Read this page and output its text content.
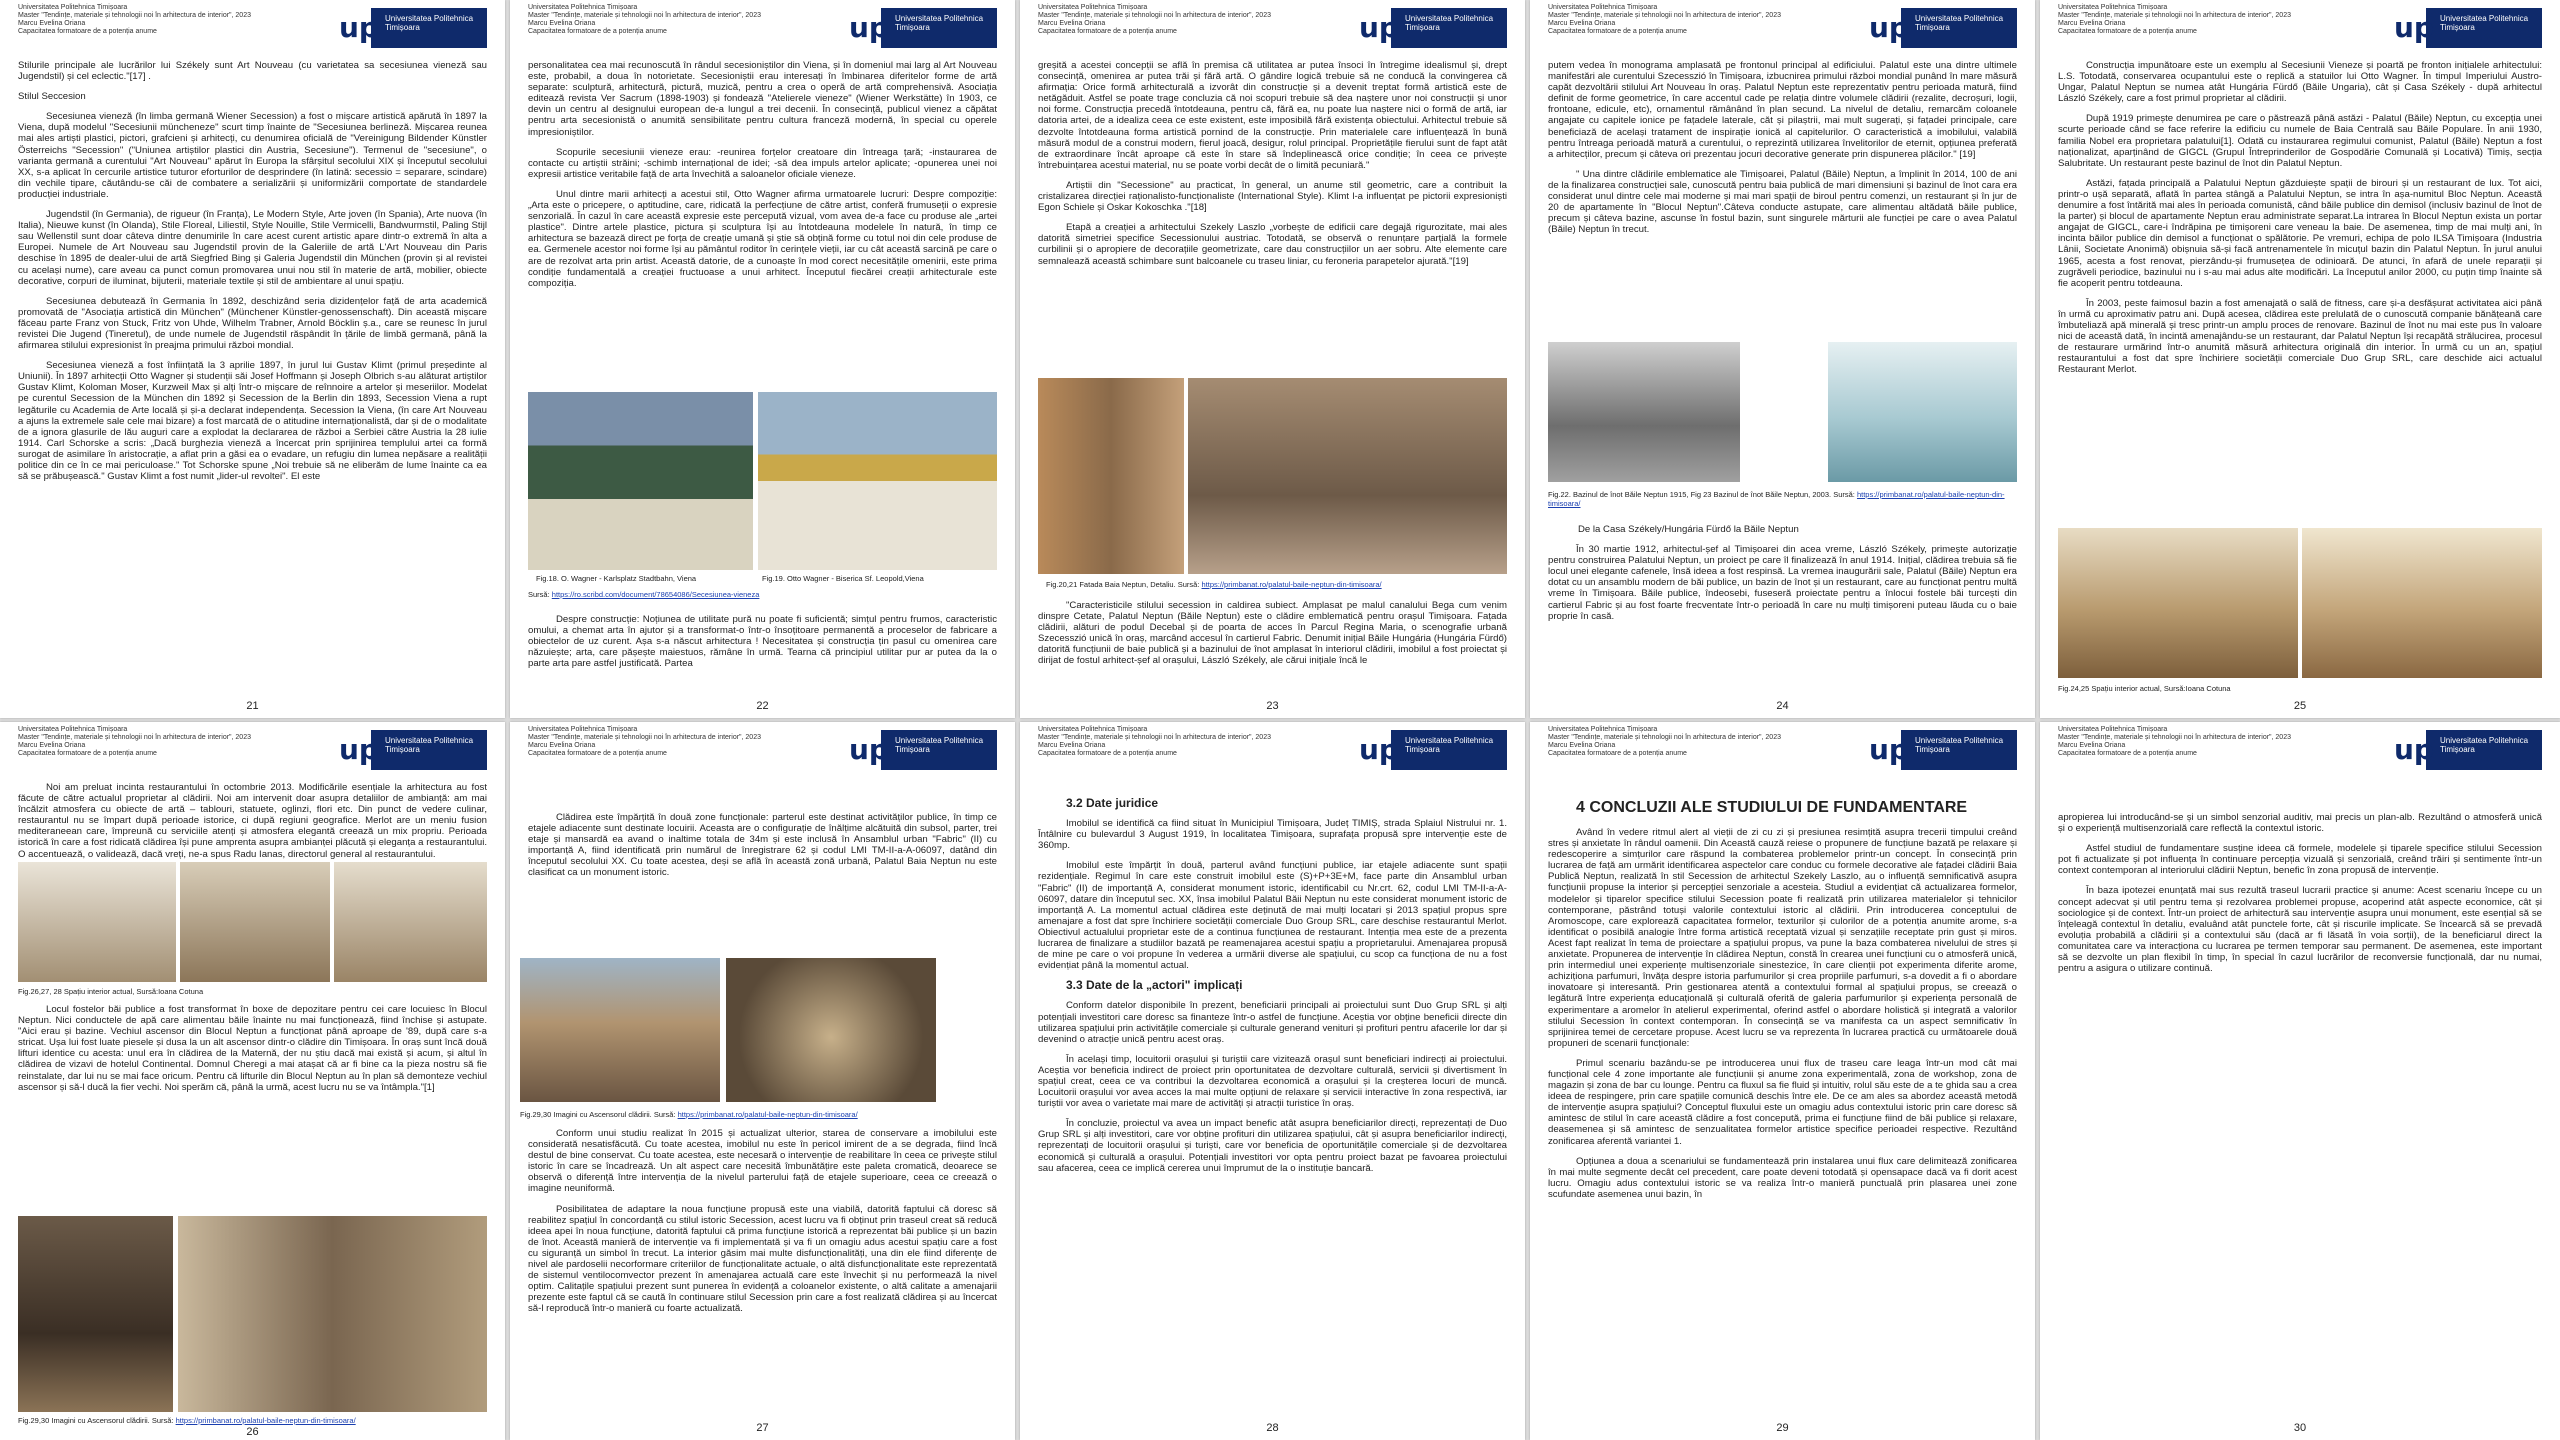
Universitatea Politehnica Timișoara
Master "Tendințe, materiale și tehnologii noi în arhitectura de interior", 2023
Marcu Evelina Oriana
Capacitatea formatoare de a potenția anume	up Universitatea Politehnica Timișoara

Stilurile principale ale lucrărilor lui Székely sunt Art Nouveau (cu varietatea sa secesiunea vieneză sau Jugendstil) și cel eclectic."[17] .

Stilul Seccesion

Secesiunea vieneză (în limba germană Wiener Secession) a fost o mișcare artistică apărută în 1897 la Viena, după modelul "Secesiunii müncheneze" scurt timp înainte de "Secesiunea berlineză. Mișcarea reunea mai ales artiști plastici, pictori, grafcieni și arhitecți, cu denumirea oficială de "Vereinigung Bildender Künstler Österreichs "Secession" ("Uniunea artiștilor plastici din Austria, Secesiune"). Termenul de "secesiune", o varianta germană a curentului "Art Nouveau" apărut în Europa la sfârșitul secolului XIX și începutul secolului XX, s-a aplicat în cercurile artistice tuturor eforturilor de desprindere (în latină: secessio = separare, scindare) din vechile tipare, căutându-se căi de combatere a serializării și uniformizării comportate de standardele producției industriale.

Jugendstil (în Germania), de rigueur (în Franța), Le Modern Style, Arte joven (în Spania), Arte nuova (în Italia), Nieuwe kunst (în Olanda), Stile Floreal, Liliestil, Style Nouille, Stile Vermicelli, Bandwurmstil, Paling Stijl sau Wellenstil sunt doar câteva dintre denumirile în care acest curent artistic apare dintr-o extremă în alta a Europei. Numele de Art Nouveau sau Jugendstil provin de la Galeriile de artă L'Art Nouveau din Paris deschise în 1895 de dealer-ului de artă Siegfried Bing și Galeria Jugendstil din München (provin și al revistei cu același nume), care aveau ca punct comun promovarea unui nou stil în materie de artă, mobilier, obiecte decorative, corpuri de iluminat, bijuterii, materiale textile și stil de ambientare al unui spațiu.

Secesiunea debutează în Germania în 1892, deschizând seria dizidențelor față de arta academică promovată de "Asociația artistică din München" (Münchener Künstler-genossenschaft). Din această mișcare făceau parte Franz von Stuck, Fritz von Uhde, Wilhelm Trabner, Arnold Böcklin ș.a., care se reunesc în jurul revistei Die Jugend (Tineretul), de unde numele de Jugendstil răspândit în țările de limbă germană, până la afirmarea stilului expresionist în preajma primului război mondial.

Secesiunea vieneză a fost înființată la 3 aprilie 1897, în jurul lui Gustav Klimt (primul președinte al Uniunii). În 1897 arhitecții Otto Wagner și studenții săi Josef Hoffmann și Joseph Olbrich s-au alăturat artiștilor Gustav Klimt, Koloman Moser, Kurzweil Max și alți într-o mișcare de reînnoire a artelor și meseriilor. Modelat pe curentul Secession de la München din 1892 și Secession de la Berlin din 1893, Secession Viena a rupt legăturile cu Academia de Arte locală și și-a declarat independența. Secession la Viena, (în care Art Nouveau a ajuns la extremele sale cele mai bizare) a fost marcată de o atitudine internaționalistă, dar și de o modalitate de a ignora glasurile de lău auguri care a explodat la declararea de război a Serbiei către Austria la 28 iulie 1914. Carl Schorske a scris: „Dacă burghezia vieneză a încercat prin sprijinirea templului artei ca formă surogat de asimilare în aristocrație, a aflat prin a găsi ea o evadare, un refugiu din lumea nepăsare a realității politice din ce în ce mai periculoase." Tot Schorske spune „Noi trebuie să ne eliberăm de lume înainte ca ea să se prăbușească." Gustav Klimt a fost numit „lider-ul revoltei". El este

21
Universitatea Politehnica Timișoara
Master "Tendințe, materiale și tehnologii noi în arhitectura de interior", 2023
Marcu Evelina Oriana
Capacitatea formatoare de a potenția anume	up Universitatea Politehnica Timișoara

personalitatea cea mai recunoscută în rândul secesioniștilor din Viena, și în domeniul mai larg al Art Nouveau este, probabil, a doua în notorietate. Secesioniștii erau interesați în îmbinarea diferitelor forme de artă separate: sculptură, arhitectură, pictură, muzică, pentru a crea o operă de artă comprehensivă. Asociația editează revista Ver Sacrum (1898-1903) și fondează "Atelierele vieneze" (Wiener Werkstätte) în 1903, ce devin un centru al designului european de-a lungul a trei decenii. În consecință, publicul vienez a căpătat pentru arta secesionistă o anumită sensibilitate pentru cultura franceză modernă, în special cu operele impresioniștilor.

Scopurile secesiunii vieneze erau: -reunirea forțelor creatoare din întreaga țară; -instaurarea de contacte cu artiștii străini; -schimb internațional de idei; -să dea impuls artelor aplicate; -opunerea unei noi expresii artistice veritabile față de arta învechită a saloanelor oficiale vieneze.

Unul dintre marii arhitecți a acestui stil, Otto Wagner afirma urmatoarele lucruri: Despre compoziție: „Arta este o pricepere, o aptitudine, care, ridicată la perfecțiune de către artist, conferă frumuseții o expresie senzorială. În cazul în care această expresie este percepută vizual, vom avea de-a face cu produse ale „artei plastice". Dintre artele plastice, pictura și sculptura își au întotdeauna modelele în natură, în timp ce arhitectura se bazează direct pe forța de creație umană și știe să obțină forme cu totul noi din cele produse de ea. Germenele acestor noi forme își au pământul roditor în cerințele vieții, iar cu cât această sarcină pe care o are de rezolvat arta prin artist. Această datorie, de a cunoaște în mod corect necesitățile omenirii, este prima condiție fundamentală a creației fructuoase a unui arhitect. Începutul fiecărei creații arhitecturale este compoziția.

Fig.18. O. Wagner - Karlsplatz Stadtbahn, Viena	Fig.19. Otto Wagner - Biserica Sf. Leopold,Viena
Sursă: https://ro.scribd.com/document/78654086/Secesiunea-vieneza

Despre construcție: Noțiunea de utilitate pură nu poate fi suficientă; simțul pentru frumos, caracteristic omului, a chemat arta în ajutor și a transformat-o într-o însoțitoare permanentă a proceselor de fabricare a obiectelor de uz curent. Așa s-a născut arhitectura ! Necesitatea și construcția țin pasul cu omenirea care năzuiește; arta, care pășește maiestuos, rămâne în urmă. Tearna că principiul utilitar pur ar putea da la o parte arta pare astfel justificată. Partea

22
Universitatea Politehnica Timișoara
Master "Tendințe, materiale și tehnologii noi în arhitectura de interior", 2023
Marcu Evelina Oriana
Capacitatea formatoare de a potenția anume	up Universitatea Politehnica Timișoara

greșită a acestei concepții se află în premisa că utilitatea ar putea însoci în întregime idealismul și, drept consecință, omenirea ar putea trăi și fără artă. O gândire logică trebuie să ne conducă la convingerea că afirmația: Orice formă arhitecturală a izvorât din construcție și a devenit treptat formă artistică este de netăgăduit. Astfel se poate trage concluzia că noi scopuri trebuie să dea naștere unor noi construcții și unor noi forme. Construcția precedă întotdeauna, pentru că, fără ea, nu poate lua naștere nici o formă de artă, iar datoria artei, de a idealiza ceea ce este existent, este imposibilă fără existența obiectului. Arhitectul trebuie să dezvolte întotdeauna forma artistică pornind de la construcție. Prin materialele care influențează în bună măsură modul de a construi modern, fierul joacă, desigur, rolul principal. Proprietățile fierului sunt de fapt atât de extraordinare încât aproape că este în stare să îndeplinească orice condiție; în ceea ce privește întrebuințarea acestui material, nu se poate vorbi decât de o limită pecuniară."

Artiștii din "Secessione" au practicat, în general, un anume stil geometric, care a contribuit la cristalizarea direcției raționalisto-funcționaliste (International Style). Klimt l-a influențat pe pictorii expresioniști Egon Schiele și Oskar Kokoschka ."[18]

Etapă a creației a arhitectului Szekely Laszlo „vorbește de edificii care degajă rigurozitate, mai ales datorită simetriei specifice Secessionului austriac. Totodată, se observă o renunțare parțială la formele curbilinii și o apropiere de decorațiile geometrizate, care dau construcțiilor un aer sobru. Alte elemente care semnalează această schimbare sunt balcoanele cu traseu liniar, cu feroneria parapetelor ajurată."[19]

Fig.20,21 Fatada Baia Neptun, Detaliu. Sursă: https://primbanat.ro/palatul-baile-neptun-din-timisoara/

"Caracteristicile stilului secession in caldirea subiect. Amplasat pe malul canalului Bega cum venim dinspre Cetate, Palatul Neptun (Băile Neptun) este o clădire emblematică pentru orașul Timișoara. Fațada clădirii, alături de podul Decebal și de poarta de acces în Parcul Regina Maria, o scenografie urbană Szecesszió unică în oraș, marcând accesul în cartierul Fabric. Denumit inițial Băile Hungária (Hungária Fürdő) datorită funcțiunii de baie publică și a bazinului de înot amplasat în interiorul clădirii, imobilul a fost proiectat și dirijat de fostul arhitect-șef al orașului, László Székely, ale cărui inițiale încă le

23
Universitatea Politehnica Timișoara
Master "Tendințe, materiale și tehnologii noi în arhitectura de interior", 2023
Marcu Evelina Oriana
Capacitatea formatoare de a potenția anume	up Universitatea Politehnica Timișoara

putem vedea în monograma amplasată pe frontonul principal al edificiului. Palatul este una dintre ultimele manifestări ale curentului Szecesszió în Timișoara, izbucnirea primului război mondial punând în mare măsură capăt dezvoltării stilului Art Nouveau în oraș. Palatul Neptun este reprezentativ pentru perioada matură, fiind definit de forme geometrice, în care accentul cade pe relația dintre volumele clădirii (rezalite, decroșuri, logii, frontoane, edicule, etc), ornamentul rămânând în plan secund. La nivelul de detaliu, remarcăm coloanele angajate cu capitele ionice pe fațadele laterale, căt și pilaștrii, mai mult sugerați, și fațadei principale, care beneficiază de același tratament de inspirație ionică al capitelurilor. O caracteristică a imobilului, valabilă pentru întreaga perioadă matură a curentului, o reprezintă utilizarea învelitorilor de eternit, opțiunea preferată a arhitecților, precum și câteva ori prezentau jocuri decorative generate prin dispunerea plăcilor." [19]

" Una dintre clădirile emblematice ale Timișoarei, Palatul (Băile) Neptun, a împlinit în 2014, 100 de ani de la finalizarea construcției sale, cunoscută pentru baia publică de mari dimensiuni și bazinul de înot cara era considerat unul dintre cele mai moderne și mai mari spații de biroul pentru comenzi, un restaurant și în jur de 20 de apartamente în "Blocul Neptun".Câteva conducte astupate, care alimentau altădată băile publice, precum și câteva bazine, ascunse în fostul bazin, sunt singurele mărturii ale funcției pe care o avea Palatul (Băile) Neptun în trecut.

Fig.22. Bazinul de înot Băile Neptun 1915, Fig 23 Bazinul de înot Băile Neptun, 2003. Sursă: https://primbanat.ro/palatul-baile-neptun-din-timisoara/

De la Casa Székely/Hungária Fürdő la Băile Neptun

În 30 martie 1912, arhitectul-șef al Timișoarei din acea vreme, László Székely, primește autorizație pentru construirea Palatului Neptun, un proiect pe care îl finalizează în anul 1914. Inițial, clădirea trebuia să fie locul unei elegante cafenele, însă ideea a fost respinsă. La vremea inaugurării sale, Palatul (Băile) Neptun era dotat cu un ansamblu modern de băi publice, un bazin de înot și un restaurant, care au funcționat pentru multă vreme în Timișoara. Băile publice, îndeosebi, fuseseră proiectate pentru a înlocui fostele băi turcești din cartierul Fabric și au fost foarte frecventate într-o perioadă în care nu mulți timișoreni puteau lăuda cu o baie proprie în casă.

24
Universitatea Politehnica Timișoara
Master "Tendințe, materiale și tehnologii noi în arhitectura de interior", 2023
Marcu Evelina Oriana
Capacitatea formatoare de a potenția anume	up Universitatea Politehnica Timișoara

Construcția impunătoare este un exemplu al Secesiunii Vieneze și poartă pe fronton inițialele arhitectului: L.S. Totodată, conservarea ocupantului este o replică a statuilor lui Otto Wagner. În timpul Imperiului Austro-Ungar, Palatul Neptun se numea atât Hungária Fürdő (Băile Ungaria), cât și Casa Székely - după arhitectul László Székely, care a fost primul proprietar al clădirii.

După 1919 primește denumirea pe care o păstrează până astăzi - Palatul (Băile) Neptun, cu excepția unei scurte perioade când se face referire la edificiu cu numele de Baia Centrală sau Băile Populare. În anii 1930, familia Nobel era proprietara palatului[1]. Odată cu instaurarea regimului comunist, Palatul (Băile) Neptun a fost naționalizat, aparținând de GIGCL (Grupul Întreprinderilor de Gospodărie Comunală și Locativă) Timiș, secția Salubritate. Un restaurant peste bazinul de înot din Palatul Neptun.

Astăzi, fațada principală a Palatului Neptun găzduiește spații de birouri și un restaurant de lux. Tot aici, printr-o ușă separată, aflată în partea stângă a Palatului Neptun, se intra în așa-numitul Bloc Neptun. Această denumire a fost întărită mai ales în perioada comunistă, când băile publice din demisol (inclusiv bazinul de înot de la parter) și blocul de apartamente Neptun erau administrate separat.La intrarea în Blocul Neptun exista un portar angajat de GIGCL, care-i îndrăpina pe timișoreni care veneau la baie. De asemenea, timp de mai mulți ani, în incinta băilor publice din demisol a funcționat o spălătorie. Pe vremuri, echipa de polo ILSA Timișoara (Industria Lânii, Societate Anonimă) obișnuia să-și facă antrenamentele în micuțul bazin din Palatul Neptun. În jurul anului 1965, acesta a fost renovat, pierzându-și frumusețea de odinioară. De atunci, în afară de unele reparații și zugrăveli periodice, bazinului nu i s-au mai adus alte modificări. La începutul anilor 2000, cu puțin timp înainte să fie acoperit pentru totdeauna.

În 2003, peste faimosul bazin a fost amenajată o sală de fitness, care și-a desfășurat activitatea aici până în urmă cu aproximativ patru ani. După acesea, clădirea este prelulată de o cunoscută companie bănățeană care îmbuteliază apă minerală și tresc printr-un amplu proces de renovare. Bazinul de înot nu mai este pus în valoare nici de această dată, în incintă amenajându-se un restaurant, dar Palatul Neptun își recapătă strălucirea, procesul de restaurare urmărind într-o anumită măsură arhitectura originală din interior. În urmă cu un an, spațiul restaurantului a fost dat spre închiriere societății comerciale Duo Grup SRL, care deschide aici actualul Restaurant Merlot.

Fig.24,25 Spațiu interior actual, Sursă:Ioana Cotuna
25
Universitatea Politehnica Timișoara
Master "Tendințe, materiale și tehnologii noi în arhitectura de interior", 2023
Marcu Evelina Oriana
Capacitatea formatoare de a potenția anume	up Universitatea Politehnica Timișoara

Noi am preluat incinta restaurantului în octombrie 2013. Modificările esențiale la arhitectura au fost făcute de către actualul proprietar al clădirii. Noi am intervenit doar asupra detaliilor de ambianță: am mai încălzit atmosfera cu obiecte de artă – tablouri, statuete, oglinzi, flori etc. Din punct de vedere culinar, restaurantul nu se împart după perioade istorice, ci după regiuni geografice. Merlot are un meniu fusion mediteraneean care, împreună cu serviciile atenți și atmosfera elegantă creează un mix propriu. Perioada istorică în care a fost ridicată clădirea își pune amprenta asupra ambianței plăcută și eleganța a restaurantului. O accentuează, o valideazã, dacă vreți, ne-a spus Radu Ianas, directorul general al restaurantului.

Fig.26,27, 28 Spațiu interior actual, Sursă:Ioana Cotuna

Locul fostelor băi publice a fost transformat în boxe de depozitare pentru cei care locuiesc în Blocul Neptun. Nici conductele de apă care alimentau băile înainte nu mai funcționează, fiind închise și astupate. "Aici erau și bazine. Vechiul ascensor din Blocul Neptun a funcționat până aproape de '89, după care s-a stricat. Ușa lui fost luate piesele și dusa la un alt ascensor dintr-o clădire din Timișoara. În oraș sunt încă două lifturi identice cu acesta: unul era în clădirea de la Maternă, der nu știu dacă mai există și acum, și altul în clădirea de vizavi de hotelul Continental. Domnul Cheregi a mai atașat că ar fi bine ca la pieza nostru să fie reinstalate, dar lui nu se mai face oricum. Pentru că lifturile din Blocul Neptun au în plan să demonteze vechiul ascensor și să-l ducă la fier vechi. Noi sperăm că, până la urmă, acest lucru nu se va întâmpla."[1]

Fig.29,30 Imagini cu Ascensorul clădirii. Sursă: https://primbanat.ro/palatul-baile-neptun-din-timisoara/
26
Universitatea Politehnica Timișoara
Master "Tendințe, materiale și tehnologii noi în arhitectura de interior", 2023
Marcu Evelina Oriana
Capacitatea formatoare de a potenția anume	up Universitatea Politehnica Timișoara

Clădirea este împărțită în două zone funcționale: parterul este destinat activităților publice, în timp ce etajele adiacente sunt destinate locuirii. Aceasta are o configurație de înălțime alcătuită din subsol, parter, trei etaje și mansardă ea avand o inaltime totala de 34m și este inclusă în Ansamblul urban "Fabric" (II) cu importanță A, fiind identificată prin numărul de înregistrare 62 și codul LMI TM-II-a-A-06097, datând din începutul secolului XX. Cu toate acestea, deși se află în această zonă urbană, Palatul Baia Neptun nu este clasificat ca un monument istoric.

Fig.29,30 Imagini cu Ascensorul clădirii. Sursă: https://primbanat.ro/palatul-baile-neptun-din-timisoara/

Conform unui studiu realizat în 2015 și actualizat ulterior, starea de conservare a imobilului este considerată nesatisfăcută. Cu toate acestea, imobilul nu este în pericol imirent de a se degrada, fiind încă destul de bine conservat. Cu toate acestea, este necesară o intervenție de reabilitare în ceea ce privește stilul istoric în care se încadrează. Un alt aspect care necesită îmbunătățire este paleta cromatică, deoarece se observă o diferență între intervenția de la nivelul parterului față de etajele superioare, ceea ce creează o imagine neuniformă.

Posibilitatea de adaptare la noua funcțiune propusă este una viabilă, datorită faptului că doresc să reabilitez spațiul în concordanță cu stilul istoric Secession, acest lucru va fi obținut prin traseul creat să reducă ideea apei în noua funcțiune, datorită faptului că prima funcțiune istorică a reprezentat băi publice și un bazin de înot. Această manieră de intervenție va fi implementată și va fi un omagiu adus acestui spațiu care a fost cu siguranță un simbol în trecut. La interior găsim mai multe disfuncționalități, una din ele fiind diferențe de nivel ale pardoselii necorformare criteriilor de funcționalitate actuale, o altă disfuncționalitate este reprezentată de sistemul ventilocomvector prezent în amenajarea actuală care este învechit și nu performează la nivel optim. Calitațile spațiului prezent sunt punerea în evidență a coloanelor existente, o altă calitate a amenajarii prezente este faptul că se caută în continuare stilul Secession prin care a fost realizată clădirea și au încercat să-l reproducă într-o manieră cu foarte actualizată.

27
Universitatea Politehnica Timișoara
Master "Tendințe, materiale și tehnologii noi în arhitectura de interior", 2023
Marcu Evelina Oriana
Capacitatea formatoare de a potenția anume	up Universitatea Politehnica Timișoara

3.2 Date juridice

Imobilul se identifică ca fiind situat în Municipiul Timișoara, Județ TIMIȘ, strada Splaiul Nistrului nr. 1. Întâlnire cu bulevardul 3 August 1919, în localitatea Timișoara, suprafața propusă spre intervenție este de 360mp.

Imobilul este împărțit în două, parterul având funcțiuni publice, iar etajele adiacente sunt spații rezidențiale. Regimul în care este construit imobilul este (S)+P+3E+M, face parte din Ansamblul urban "Fabric" (II) de importanță A, considerat monument istoric, identificabil cu Nr.crt. 62, codul LMI TM-II-a-A-06097, datare din începutul sec. XX, însa imobilul Palatul Băii Neptun nu este considerat monument istoric de importanță A. La momentul actual clădirea este deținută de mai mulți locatari și 2013 spațiul propus spre amenajare a fost dat spre închiriere societății comerciale Duo Group SRL, care deschise restaurantul Merlot. Obiectivul actualului proprietar este de a continua funcțiunea de restaurant. Intenția mea este de a prezenta lucrarea de finalizare a studiilor bazată pe reamenajarea acestui spațiu a proprietarului. Amenajarea propusă de mine pe care o voi propune în vederea a urmării diverse ale spațiului, cu scop ca funcționa de nu a fost evidențiat până la momentul actual.

3.3 Date de la „actori" implicați

Conform datelor disponibile în prezent, beneficiarii principali ai proiectului sunt Duo Grup SRL și alți potențiali investitori care doresc sa finanteze într-o astfel de funcțiune. Aceștia vor obține beneficii directe din utilizarea spațiului prin activitățile comerciale și culturale generand venituri și profituri pentru afacerile lor dar și devenind o atracție unică pentru acest oraș.

În același timp, locuitorii orașului și turiștii care vizitează orașul sunt beneficiari indirecți ai proiectului. Aceștia vor beneficia indirect de proiect prin oportunitatea de dezvoltare culturală, servicii și divertisment în spațiul creat, ceea ce va contribui la dezvoltarea economică a orașului și la creșterea locuri de muncă. Locuitorii orașului vor avea acces la mai multe opțiuni de relaxare și servicii interactive în zona respectivă, iar turiștii vor avea o varietate mai mare de activități și atracții turistice în oraș.

În concluzie, proiectul va avea un impact benefic atât asupra beneficiarilor direcți, reprezentați de Duo Grup SRL și alți investitori, care vor obține profituri din utilizarea spațiului, cât și asupra beneficiarilor indirecți, reprezentați de locuitorii orașului și turiști, care vor beneficia de oportunitățile comerciale și de dezvoltarea economică și culturală a orașului. Potențiali investitori vor opta pentru proiect bazat pe favoarea proiectului sau afacerea, ceea ce implică cererea unui împrumut de la o instituție bancară.

28
Universitatea Politehnica Timișoara
Master "Tendințe, materiale și tehnologii noi în arhitectura de interior", 2023
Marcu Evelina Oriana
Capacitatea formatoare de a potenția anume	up Universitatea Politehnica Timișoara

4 CONCLUZII ALE STUDIULUI DE FUNDAMENTARE

Având în vedere ritmul alert al vieții de zi cu zi și presiunea resimțită asupra trecerii timpului creând stres și anxietate în rândul oamenii. Din Această cauză reiese o propunere de funcțiune bazată pe relaxare și redescoperire a simțurilor care răspund la combaterea problemelor printr-un concept. În consecință prin lucrarea de față am urmărit identificarea aspectelor care conduc cu formele decorative ale fațadei clădirii Baia Publică Neptun, realizată în stil Secession de arhitectul Szekely Laszlo, au o influență semnificativă asupra funcțiunii propuse la interior și percepției senzoriale a acesteia. Studiul a evidențiat că actualizarea formelor, modelelor și tiparelor specifice stilului Secession poate fi realizată prin utilizarea materialelor și tehnicilor contemporane, păstrând totuși valorile contextului istoric al clădirii. Prin introducerea conceptului de Aromoscope, care explorează capacitatea formelor, texturilor și culorilor de a potenția anumite arome, s-a identificat o posibilă analogie între forma artistică receptată vizual și senzațiile receptate prin gust și miros. Acest fapt realizat în tema de proiectare a spațiului propus, va pune la baza combaterea nivelului de stres și anxietate. Propunerea de intervenție în clădirea Neptun, constă în crearea unei funcțiuni cu o atmosferă unică, prin intermediul unei experiențe multisenzoriale sinestezice, în care clienții pot experimenta diferite arome, achiziționa parfumuri, învăța despre istoria parfumurilor și crea propriile parfumuri, s-a dovedit a fi o abordare inovatoare și interesantă. Prin gestionarea atentă a contextului formal al spațiului propus, se creează o legătură între experiența educațională și culturală oferită de galeria parfumurilor și experiența personală de experimentare a aromelor în atelierul experimental, oferind astfel o abordare holistică și integrată a valorilor stilului Secession în context contemporan. În consecință se va manifesta ca un aspect semnificativ în sprijinirea temei de cercetare propuse. Acest lucru se va reprezenta în lucrarea practică cu următoarele două propuneri de scenarii funcționale:

Primul scenariu bazându-se pe introducerea unui flux de traseu care leaga într-un mod cât mai funcțional cele 4 zone importante ale funcțiunii și anume zona experimentală, zona de workshop, zona de magazin și zona de bar cu lounge. Pentru ca fluxul sa fie fluid și intuitiv, rolul său este de a te ghida sau a crea ideea de respingere, prin care spațiile comunică deschis între ele. De ce am ales sa abordez această metodă de intervenție asupra spațiului? Conceptul fluxului este un omagiu adus contextului istoric prin care doresc să amintesc de stilul în care această clădire a fost concepută, prima ei funcțiune fiind de băi publice și relaxare, deasemenea și să amintesc de senzualitatea formelor artistice specifice perioadei respective. Rezultând zonificarea aferentă variantei 1.

Opțiunea a doua a scenariului se fundamentează prin instalarea unui flux care delimitează zonificarea în mai multe segmente decât cel precedent, care poate deveni totodată și opensapace dacă va fi dorit acest lucru. Omagiu adus contextului istoric se va realiza într-o manieră punctuală prin plasarea unei zone scufundate asemenea unui bazin, în

29
Universitatea Politehnica Timișoara
Master "Tendințe, materiale și tehnologii noi în arhitectura de interior", 2023
Marcu Evelina Oriana
Capacitatea formatoare de a potenția anume	up Universitatea Politehnica Timișoara

apropierea lui introducând-se și un simbol senzorial auditiv, mai precis un plan-alb. Rezultând o atmosferă unică și o experiență multisenzorială care reflectă la contextul istoric.

Astfel studiul de fundamentare susține ideea că formele, modelele și tiparele specifice stilului Secession pot fi actualizate și pot influența în continuare percepția vizuală și senzorială, creând trăiri și sentimente într-un context contemporan al interiorului clădirii Neptun, benefic în zona propusă de intervenție.

În baza ipotezei enunțată mai sus rezultă traseul lucrarii practice și anume: Acest scenariu începe cu un concept adecvat și util pentru tema și rezolvarea problemei propuse, acoperind atât aspecte economice, cât și sociologice și de context. Într-un proiect de arhitectură sau intervenție asupra unui monument, este esențial să se înțeleagă contextul în detaliu, evaluând atât punctele forte, cât și riscurile implicate. Se încearcă să se prevadă evoluția probabilă a clădirii și a contextului său (dacă ar fi lăsată în voia sorții), de la beneficiarul direct la comunitatea care va interacționa cu lucrarea pe termen temporar sau permanent. De asemenea, este important să se dezvolte un plan flexibil în timp, în special în cazul lucrărilor de reconversie funcțională, dar nu numai, pentru a asigura o utilizare continuă.

30
